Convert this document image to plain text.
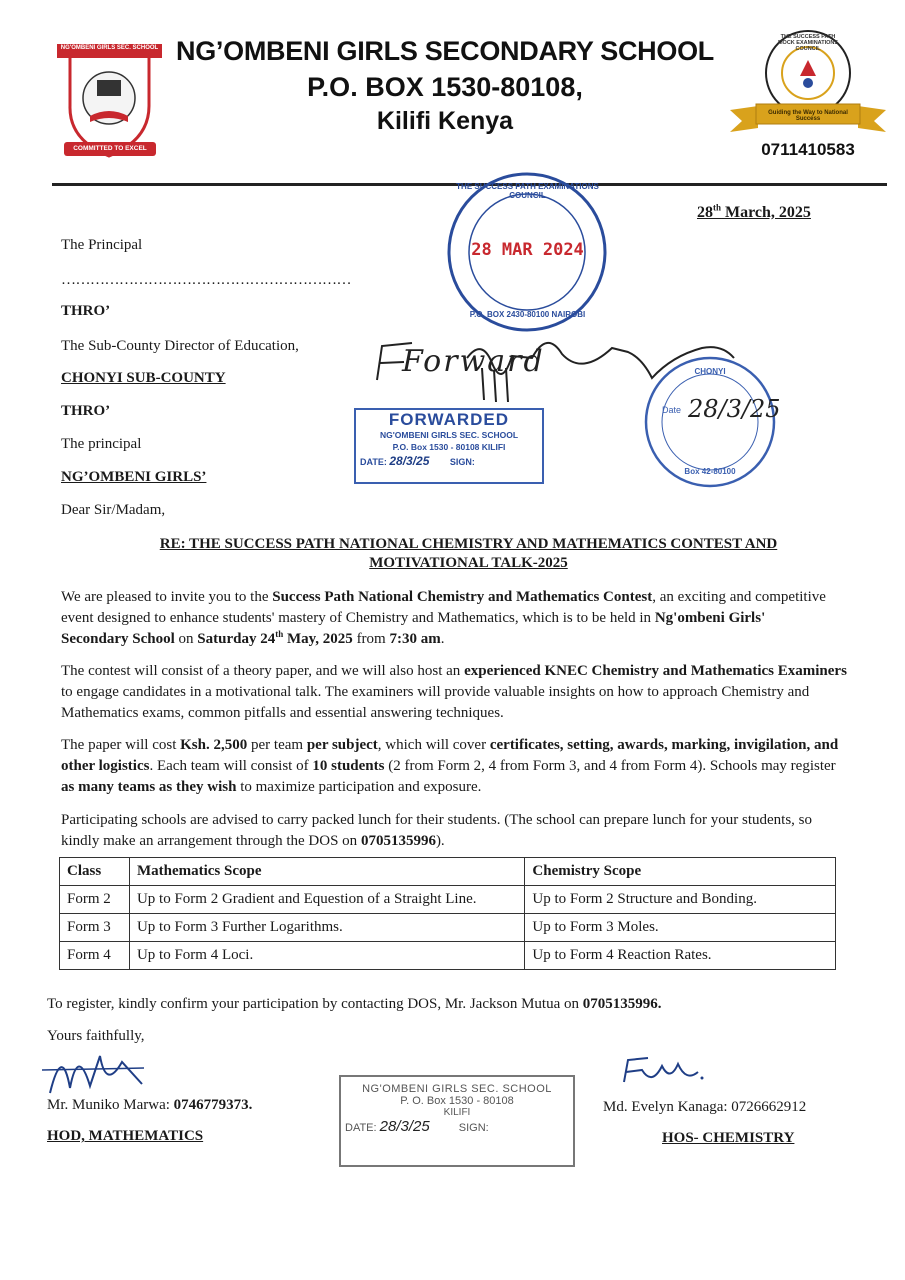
NG'OMBENI GIRLS SEC. SCHOOL
COMMITTED TO EXCEL
NG’OMBENI GIRLS SECONDARY SCHOOL
P.O. BOX 1530-80108,
Kilifi Kenya
THE SUCCESS PATH MOCK EXAMINATIONS COUNCIL
Guiding the Way to National Success
0711410583
28th March, 2025
The Principal
……………………………………………………
THRO’
The Sub-County Director of Education,
CHONYI SUB-COUNTY
THRO’
The principal
NG’OMBENI GIRLS’
Dear Sir/Madam,
THE SUCCESS PATH EXAMINATIONS COUNCIL
28 MAR 2024
P.O. BOX 2430-80100 NAIROBI
Forward
FORWARDED
NG'OMBENI GIRLS SEC. SCHOOL
P.O. Box 1530 - 80108 KILIFI
DATE: 28/3/25 SIGN:
CHONYI
Date 28/3/25
Box 42-80100
RE: THE SUCCESS PATH NATIONAL CHEMISTRY AND MATHEMATICS CONTEST AND
MOTIVATIONAL TALK-2025
We are pleased to invite you to the Success Path National Chemistry and Mathematics Contest, an exciting and competitive event designed to enhance students' mastery of Chemistry and Mathematics, which is to be held in Ng'ombeni Girls' Secondary School on Saturday 24th May, 2025 from 7:30 am.
The contest will consist of a theory paper, and we will also host an experienced KNEC Chemistry and Mathematics Examiners to engage candidates in a motivational talk. The examiners will provide valuable insights on how to approach Chemistry and Mathematics exams, common pitfalls and essential answering techniques.
The paper will cost Ksh. 2,500 per team per subject, which will cover certificates, setting, awards, marking, invigilation, and other logistics. Each team will consist of 10 students (2 from Form 2, 4 from Form 3, and 4 from Form 4). Schools may register as many teams as they wish to maximize participation and exposure.
Participating schools are advised to carry packed lunch for their students. (The school can prepare lunch for your students, so kindly make an arrangement through the DOS on 0705135996).
Class	Mathematics Scope	Chemistry Scope
Form 2	Up to Form 2 Gradient and Equestion of a Straight Line.	Up to Form 2 Structure and Bonding.
Form 3	Up to Form 3 Further Logarithms.	Up to Form 3 Moles.
Form 4	Up to Form 4 Loci.	Up to Form 4 Reaction Rates.
To register, kindly confirm your participation by contacting DOS, Mr. Jackson Mutua on 0705135996.
Yours faithfully,
Mr. Muniko Marwa: 0746779373.
HOD, MATHEMATICS
NG'OMBENI GIRLS SEC. SCHOOL
P. O. Box 1530 - 80108
KILIFI
DATE: 28/3/25	SIGN:
Md. Evelyn Kanaga: 0726662912
HOS- CHEMISTRY
